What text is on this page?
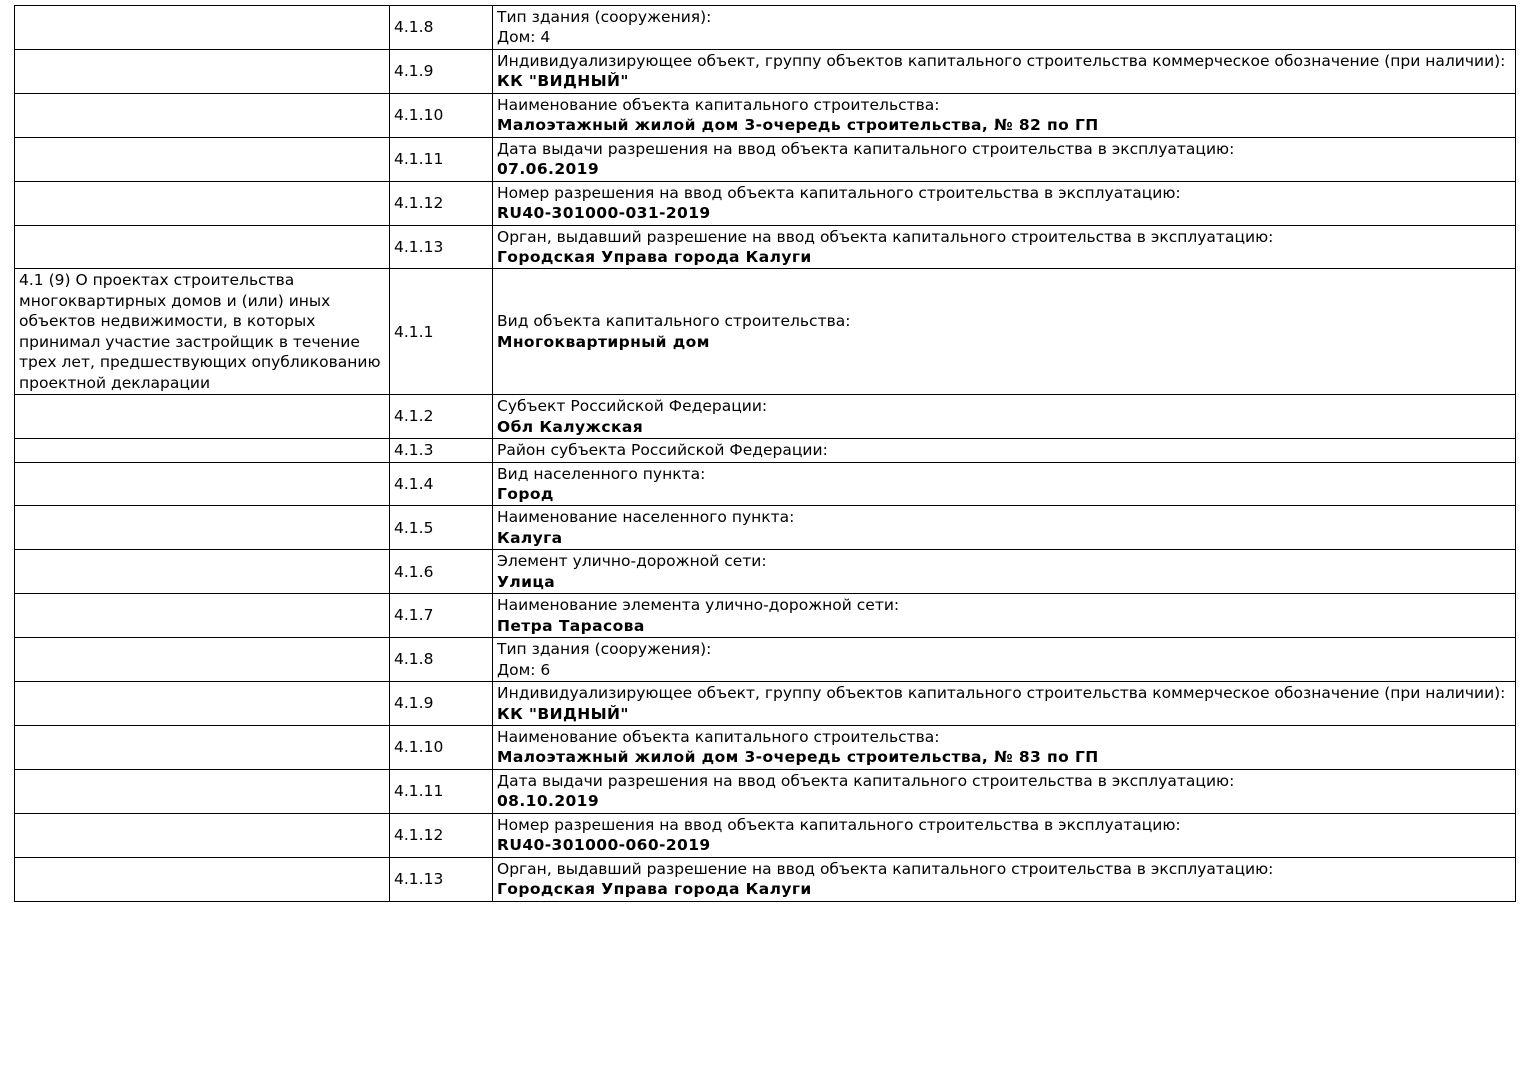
	4.1.8	Тип здания (сооружения):
Дом: 4

	4.1.9	Индивидуализирующее объект, группу объектов капитального строительства коммерческое обозначение (при наличии):
КК "ВИДНЫЙ"

	4.1.10	Наименование объекта капитального строительства:
Малоэтажный жилой дом 3-очередь строительства, № 82 по ГП

	4.1.11	Дата выдачи разрешения на ввод объекта капитального строительства в эксплуатацию:
07.06.2019

	4.1.12	Номер разрешения на ввод объекта капитального строительства в эксплуатацию:
RU40-301000-031-2019

	4.1.13	Орган, выдавший разрешение на ввод объекта капитального строительства в эксплуатацию:
Городская Управа города Калуги

4.1 (9) О проектах строительства многоквартирных домов и (или) иных объектов недвижимости, в которых принимал участие застройщик в течение трех лет, предшествующих опубликованию проектной декларации	4.1.1	Вид объекта капитального строительства:
Многоквартирный дом

	4.1.2	Субъект Российской Федерации:
Обл Калужская

	4.1.3	Район субъекта Российской Федерации:

	4.1.4	Вид населенного пункта:
Город

	4.1.5	Наименование населенного пункта:
Калуга

	4.1.6	Элемент улично-дорожной сети:
Улица

	4.1.7	Наименование элемента улично-дорожной сети:
Петра Тарасова

	4.1.8	Тип здания (сооружения):
Дом: 6

	4.1.9	Индивидуализирующее объект, группу объектов капитального строительства коммерческое обозначение (при наличии):
КК "ВИДНЫЙ"

	4.1.10	Наименование объекта капитального строительства:
Малоэтажный жилой дом 3-очередь строительства, № 83 по ГП

	4.1.11	Дата выдачи разрешения на ввод объекта капитального строительства в эксплуатацию:
08.10.2019

	4.1.12	Номер разрешения на ввод объекта капитального строительства в эксплуатацию:
RU40-301000-060-2019

	4.1.13	Орган, выдавший разрешение на ввод объекта капитального строительства в эксплуатацию:
Городская Управа города Калуги
